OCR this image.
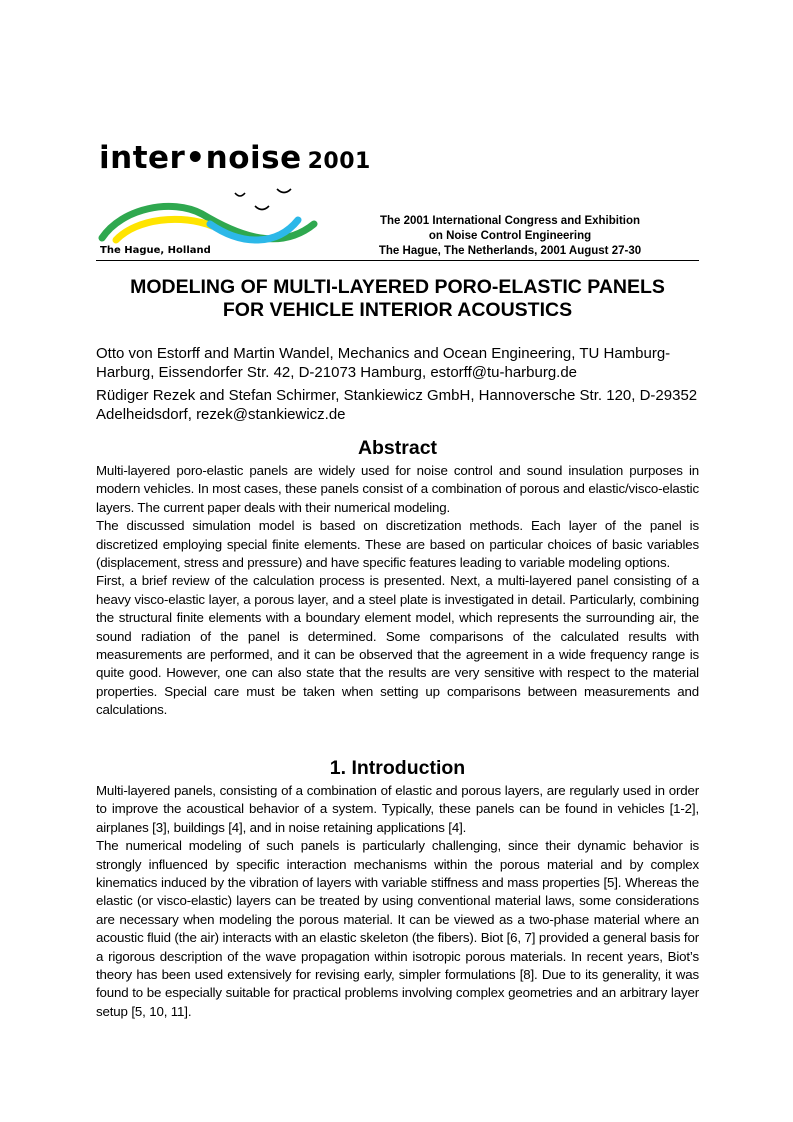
inter•noise 2001
The Hague, Holland
The 2001 International Congress and Exhibition
on Noise Control Engineering
The Hague, The Netherlands, 2001 August 27-30
MODELING OF MULTI-LAYERED PORO-ELASTIC PANELS
FOR VEHICLE INTERIOR ACOUSTICS

Otto von Estorff and Martin Wandel, Mechanics and Ocean Engineering, TU Hamburg-Harburg, Eissendorfer Str. 42, D-21073 Hamburg, estorff@tu-harburg.de

Rüdiger Rezek and Stefan Schirmer, Stankiewicz GmbH, Hannoversche Str. 120, D-29352 Adelheidsdorf, rezek@stankiewicz.de

Abstract

Multi-layered poro-elastic panels are widely used for noise control and sound insulation purposes in modern vehicles. In most cases, these panels consist of a combination of porous and elastic/visco-elastic layers. The current paper deals with their numerical modeling.

The discussed simulation model is based on discretization methods. Each layer of the panel is discretized employing special finite elements. These are based on particular choices of basic variables (displacement, stress and pressure) and have specific features leading to variable modeling options.

First, a brief review of the calculation process is presented. Next, a multi-layered panel consisting of a heavy visco-elastic layer, a porous layer, and a steel plate is investigated in detail. Particularly, combining the structural finite elements with a boundary element model, which represents the surrounding air, the sound radiation of the panel is determined. Some comparisons of the calculated results with measurements are performed, and it can be observed that the agreement in a wide frequency range is quite good. However, one can also state that the results are very sensitive with respect to the material properties. Special care must be taken when setting up comparisons between measurements and calculations.

1. Introduction

Multi-layered panels, consisting of a combination of elastic and porous layers, are regularly used in order to improve the acoustical behavior of a system. Typically, these panels can be found in vehicles [1-2], airplanes [3], buildings [4], and in noise retaining applications [4].

The numerical modeling of such panels is particularly challenging, since their dynamic behavior is strongly influenced by specific interaction mechanisms within the porous material and by complex kinematics induced by the vibration of layers with variable stiffness and mass properties [5]. Whereas the elastic (or visco-elastic) layers can be treated by using conventional material laws, some considerations are necessary when modeling the porous material. It can be viewed as a two-phase material where an acoustic fluid (the air) interacts with an elastic skeleton (the fibers). Biot [6, 7] provided a general basis for a rigorous description of the wave propagation within isotropic porous materials. In recent years, Biot’s theory has been used extensively for revising early, simpler formulations [8]. Due to its generality, it was found to be especially suitable for practical problems involving complex geometries and an arbitrary layer setup [5, 10, 11].
